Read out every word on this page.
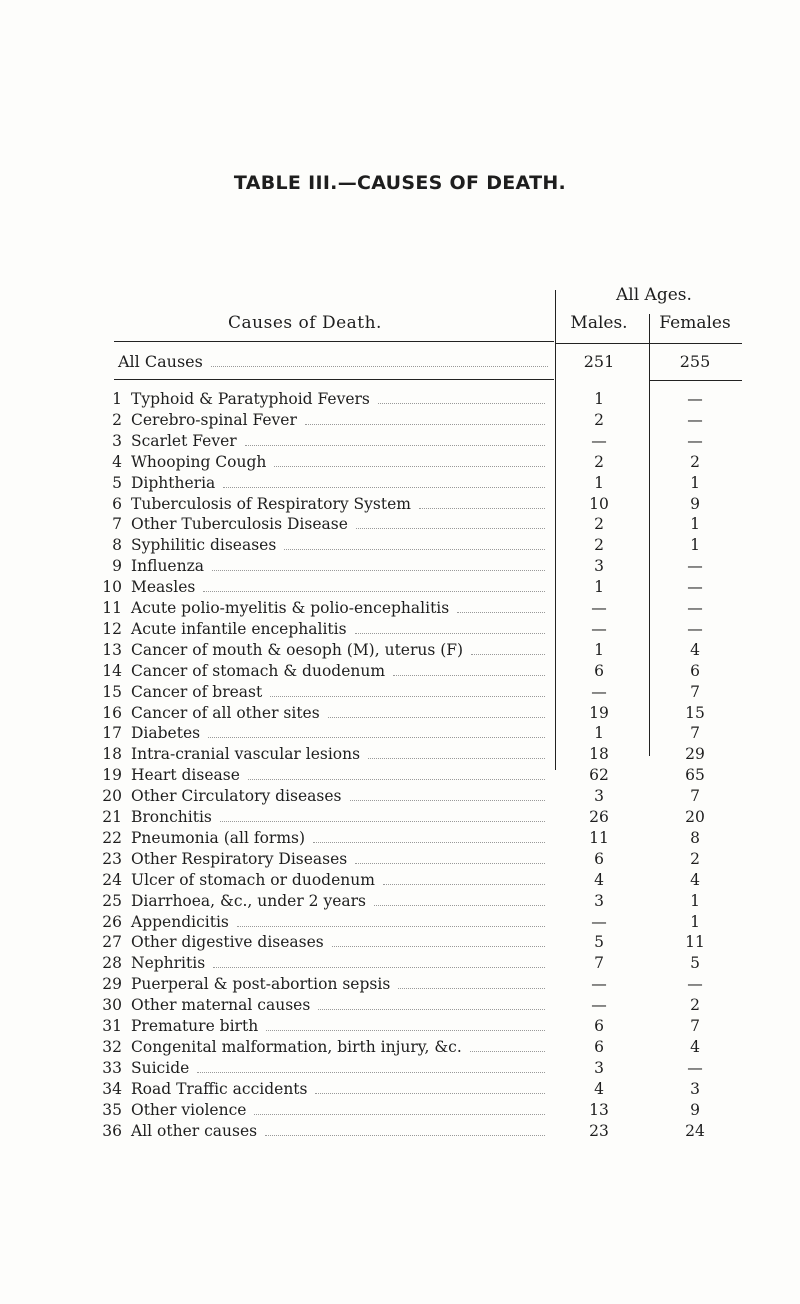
TABLE III.—CAUSES OF DEATH.
All Ages.
Causes of Death.	Males.	Females
All Causes	251	255
1 Typhoid & Paratyphoid Fevers	1	—
2 Cerebro-spinal Fever	2	—
3 Scarlet Fever	—	—
4 Whooping Cough	2	2
5 Diphtheria	1	1
6 Tuberculosis of Respiratory System	10	9
7 Other Tuberculosis Disease	2	1
8 Syphilitic diseases	2	1
9 Influenza	3	—
10 Measles	1	—
11 Acute polio-myelitis & polio-encephalitis	—	—
12 Acute infantile encephalitis	—	—
13 Cancer of mouth & oesoph (M), uterus (F)	1	4
14 Cancer of stomach & duodenum	6	6
15 Cancer of breast	—	7
16 Cancer of all other sites	19	15
17 Diabetes	1	7
18 Intra-cranial vascular lesions	18	29
19 Heart disease	62	65
20 Other Circulatory diseases	3	7
21 Bronchitis	26	20
22 Pneumonia (all forms)	11	8
23 Other Respiratory Diseases	6	2
24 Ulcer of stomach or duodenum	4	4
25 Diarrhoea, &c., under 2 years	3	1
26 Appendicitis	—	1
27 Other digestive diseases	5	11
28 Nephritis	7	5
29 Puerperal & post-abortion sepsis	—	—
30 Other maternal causes	—	2
31 Premature birth	6	7
32 Congenital malformation, birth injury, &c.	6	4
33 Suicide	3	—
34 Road Traffic accidents	4	3
35 Other violence	13	9
36 All other causes	23	24
